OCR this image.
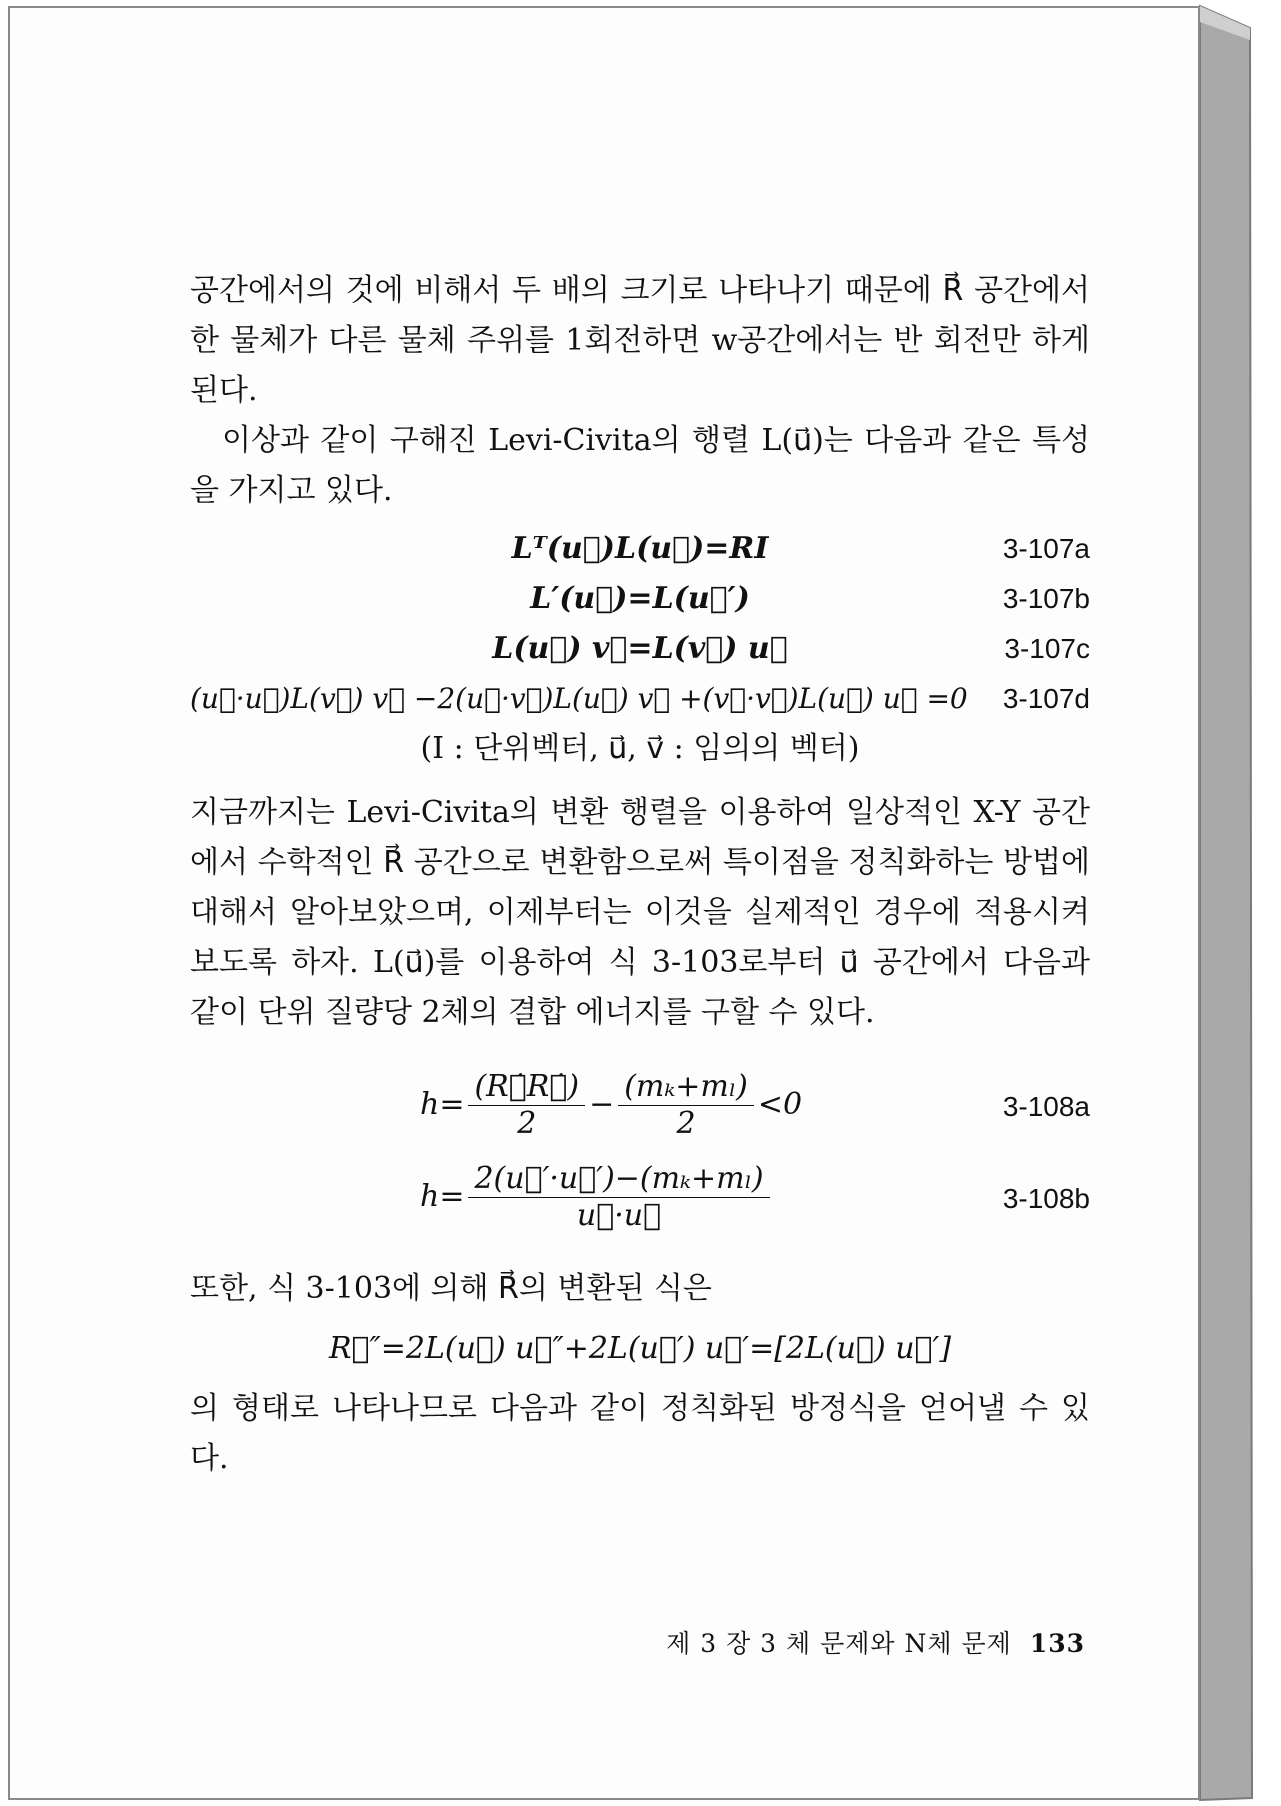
공간에서의 것에 비해서 두 배의 크기로 나타나기 때문에 R⃗ 공간에서 한 물체가 다른 물체 주위를 1회전하면 w공간에서는 반 회전만 하게 된다.

이상과 같이 구해진 Levi-Civita의 행렬 L(u⃗)는 다음과 같은 특성을 가지고 있다.

Lᵀ(u⃗)L(u⃗)=RI	3-107a
L′(u⃗)=L(u⃗′)	3-107b
L(u⃗) v⃗=L(v⃗) u⃗	3-107c
(u⃗·u⃗)L(v⃗) v⃗ −2(u⃗·v⃗)L(u⃗) v⃗ +(v⃗·v⃗)L(u⃗) u⃗ =0	3-107d
(I : 단위벡터, u⃗, v⃗ : 임의의 벡터)

지금까지는 Levi-Civita의 변환 행렬을 이용하여 일상적인 X-Y 공간에서 수학적인 R⃗ 공간으로 변환함으로써 특이점을 정칙화하는 방법에 대해서 알아보았으며, 이제부터는 이것을 실제적인 경우에 적용시켜 보도록 하자. L(u⃗)를 이용하여 식 3-103로부터 u⃗ 공간에서 다음과 같이 단위 질량당 2체의 결합 에너지를 구할 수 있다.

$h= \frac{(R⃗̇R⃗̇)}{2} - \frac{\text{(mₖ+mₗ)}}{2} <0$	3-108a
$h= \frac{\text{2(u⃗′·u⃗′)−(mₖ+mₗ)}}{u⃗\cdot u⃗}$	3-108b

또한, 식 3-103에 의해 R⃗의 변환된 식은

R⃗″=2L(u⃗) u⃗″+2L(u⃗′) u⃗′=[2L(u⃗) u⃗′]

의 형태로 나타나므로 다음과 같이 정칙화된 방정식을 얻어낼 수 있다.

제 3 장 3 체 문제와 N체 문제 133
